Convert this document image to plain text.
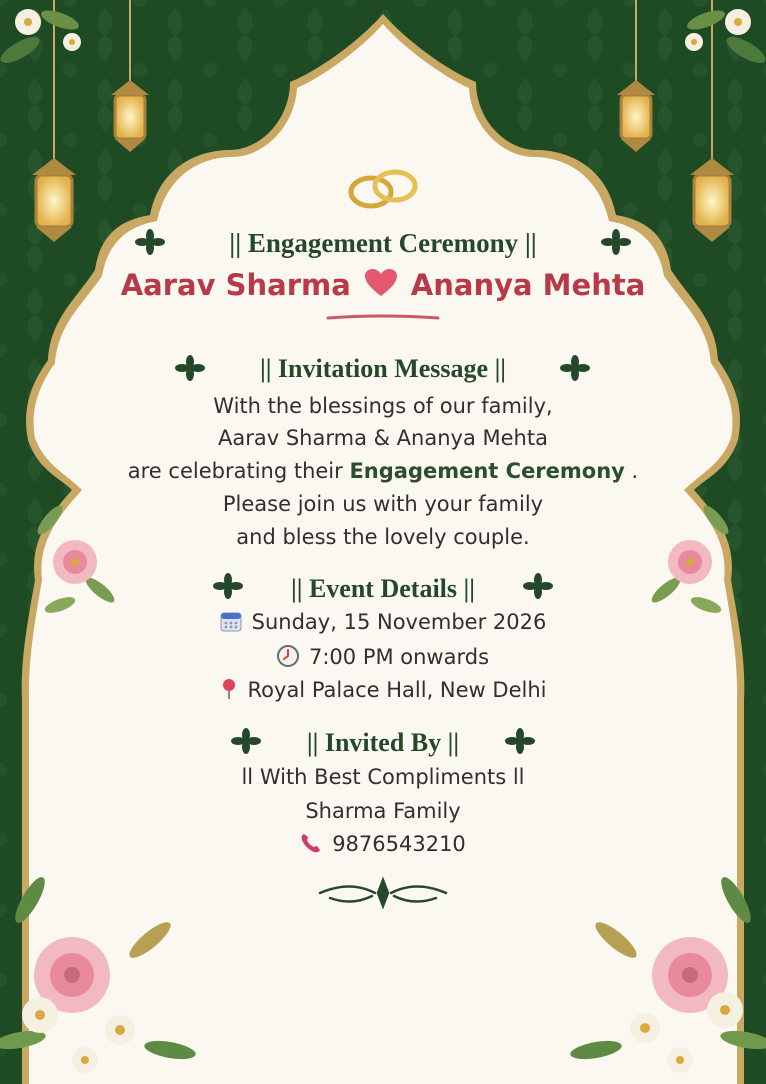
|| Engagement Ceremony ||
Aarav Sharma Ananya Mehta
|| Invitation Message ||
With the blessings of our family,
Aarav Sharma & Ananya Mehta
are celebrating their Engagement Ceremony .
Please join us with your family
and bless the lovely couple.
|| Event Details ||
Sunday, 15 November 2026
7:00 PM onwards
Royal Palace Hall, New Delhi
|| Invited By ||
ll With Best Compliments ll
Sharma Family
9876543210
